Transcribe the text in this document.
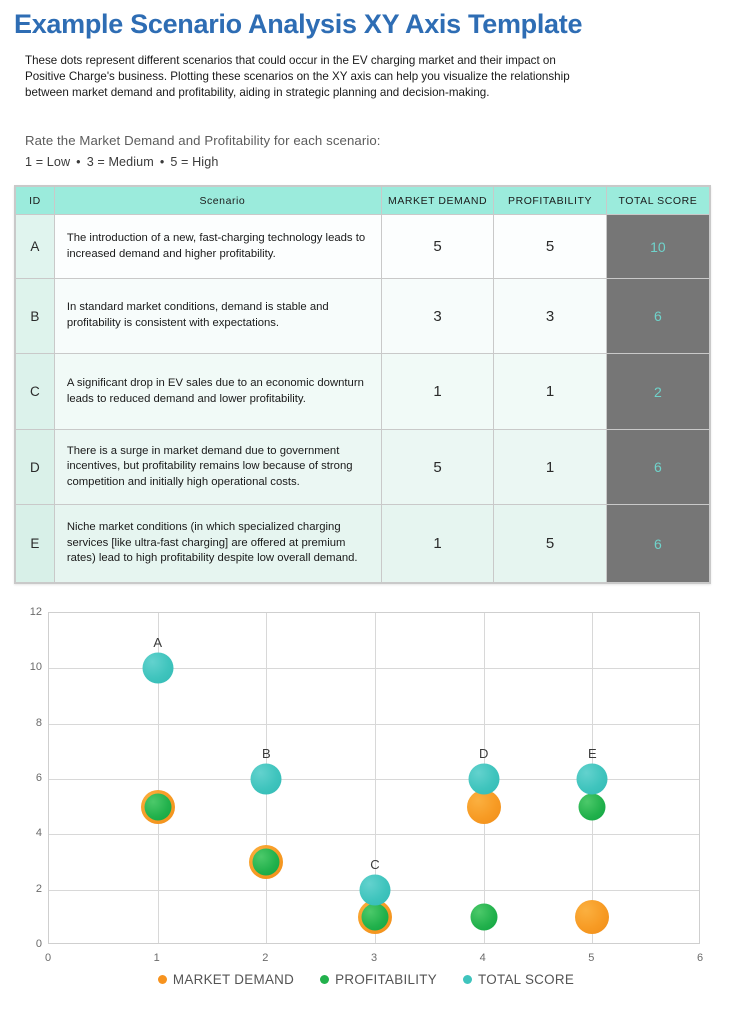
Example Scenario Analysis XY Axis Template
These dots represent different scenarios that could occur in the EV charging market and their impact on Positive Charge's business. Plotting these scenarios on the XY axis can help you visualize the relationship between market demand and profitability, aiding in strategic planning and decision-making.
Rate the Market Demand and Profitability for each scenario:
1 = Low • 3 = Medium • 5 = High
ID	Scenario	MARKET DEMAND	PROFITABILITY	TOTAL SCORE
A	The introduction of a new, fast-charging technology leads to increased demand and higher profitability.	5	5	10
B	In standard market conditions, demand is stable and profitability is consistent with expectations.	3	3	6
C	A significant drop in EV sales due to an economic downturn leads to reduced demand and lower profitability.	1	1	2
D	There is a surge in market demand due to government incentives, but profitability remains low because of strong competition and initially high operational costs.	5	1	6
E	Niche market conditions (in which specialized charging services [like ultra-fast charging] are offered at premium rates) lead to high profitability despite low overall demand.	1	5	6
A
B
C
D	E
0
2
4
6
8
10
12
0	1	2	3	4	5	6
MARKET DEMAND	PROFITABILITY	TOTAL SCORE
